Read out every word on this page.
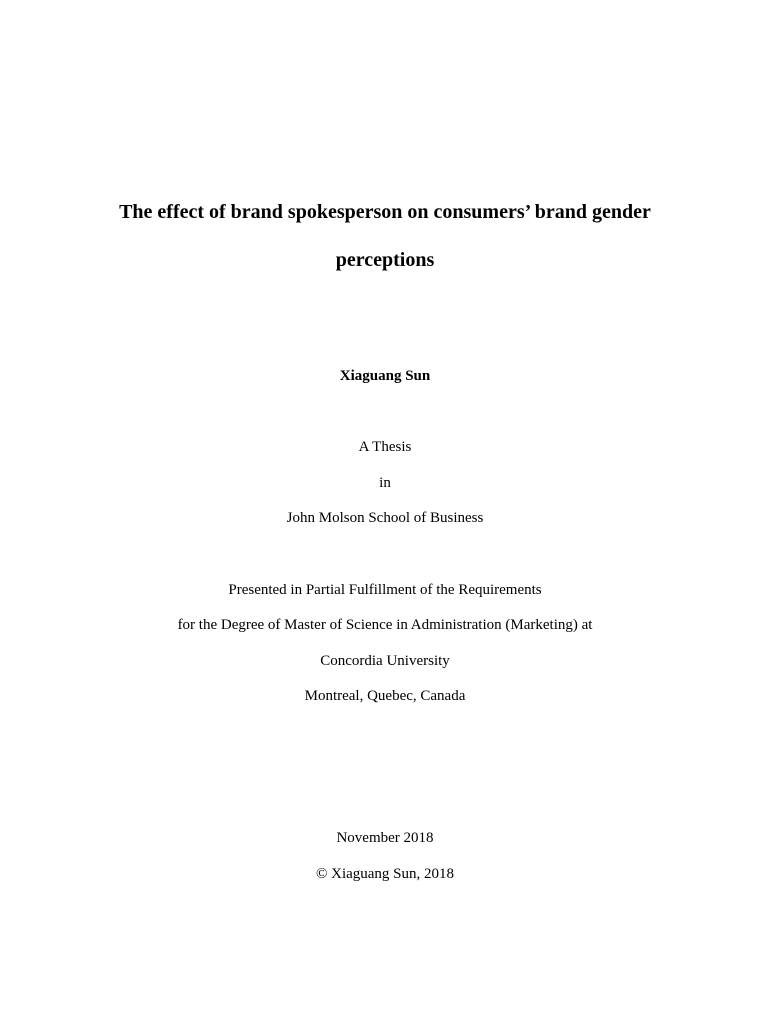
The effect of brand spokesperson on consumers’ brand gender
perceptions
Xiaguang Sun
A Thesis
in
John Molson School of Business
Presented in Partial Fulfillment of the Requirements
for the Degree of Master of Science in Administration (Marketing) at
Concordia University
Montreal, Quebec, Canada
November 2018
© Xiaguang Sun, 2018
